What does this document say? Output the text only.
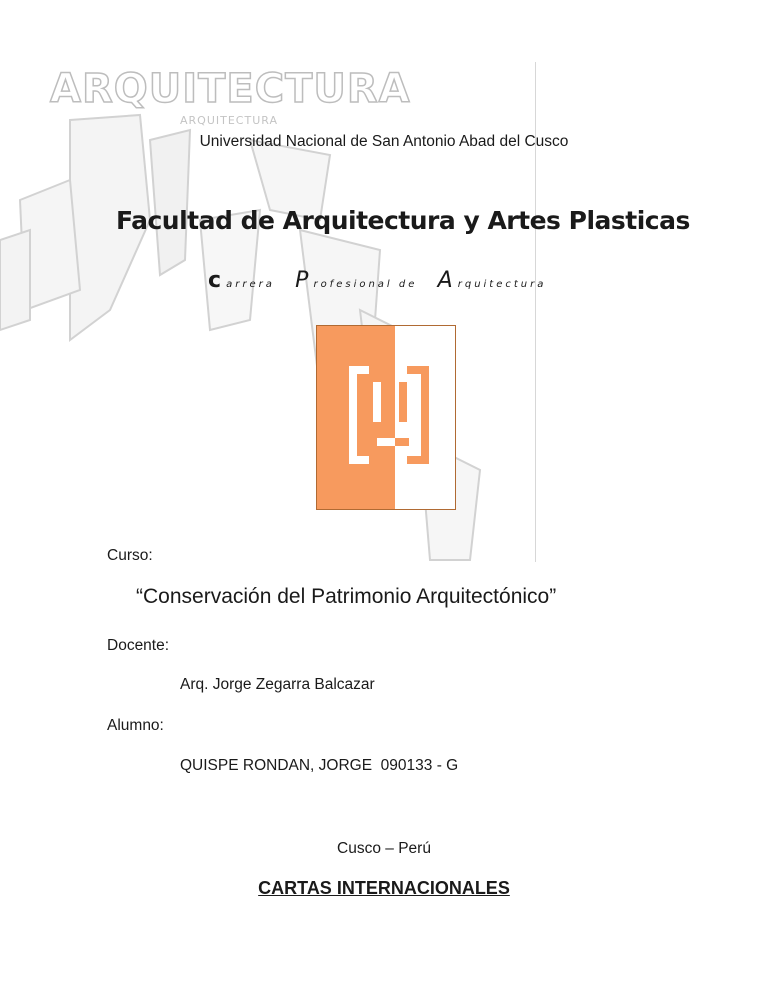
ARQUITECTURA
ARQUITECTURA
Universidad Nacional de San Antonio Abad del Cusco
Facultad de Arquitectura y Artes Plasticas
c arrera P rofesional de A rquitectura
Curso:
“Conservación del Patrimonio Arquitectónico”
Docente:
Arq. Jorge Zegarra Balcazar
Alumno:
QUISPE RONDAN, JORGE  090133 - G
Cusco – Perú
CARTAS INTERNACIONALES
